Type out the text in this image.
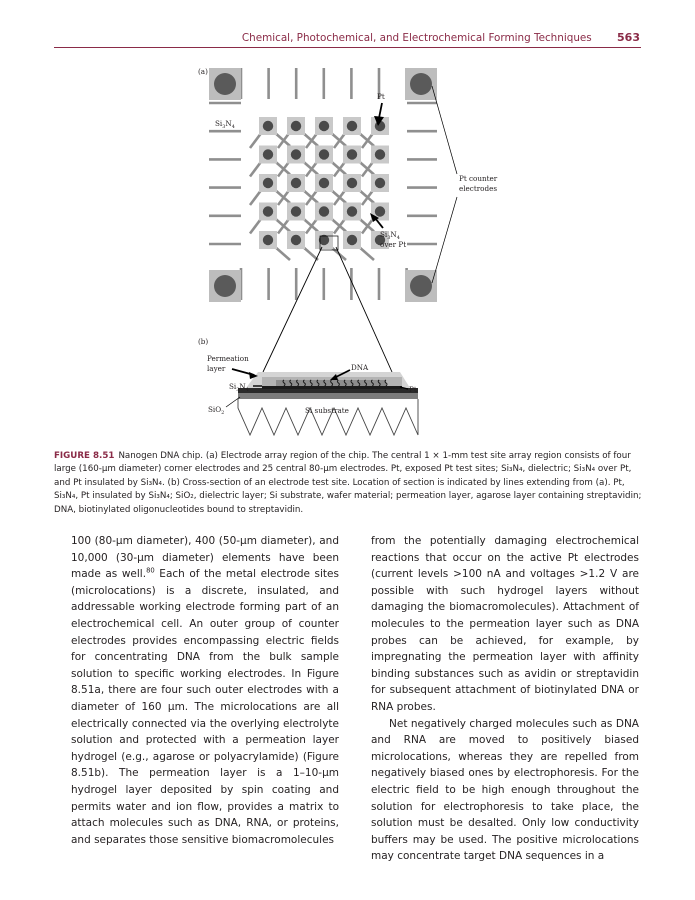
Chemical, Photochemical, and Electrochemical Forming Techniques 563
(a)
$Si_3N_4$
Pt
Pt counter
electrodes
$Si_3N_4$
over Pt
(b)
Permeation
layer	DNA
$Si_3N_4$	Pt
SiO$_2$	Si substrate
FIGURE 8.51 Nanogen DNA chip. (a) Electrode array region of the chip. The central 1 × 1-mm test site array region consists of four large (160-μm diameter) corner electrodes and 25 central 80-μm electrodes. Pt, exposed Pt test sites; Si₃N₄, dielectric; Si₃N₄ over Pt, and Pt insulated by Si₃N₄. (b) Cross-section of an electrode test site. Location of section is indicated by lines extending from (a). Pt, Si₃N₄, Pt insulated by Si₃N₄; SiO₂, dielectric layer; Si substrate, wafer material; permeation layer, agarose layer containing streptavidin; DNA, biotinylated oligonucleotides bound to streptavidin.

100 (80-μm diameter), 400 (50-μm diameter), and 10,000 (30-μm diameter) elements have been made as well.$^{80}$ Each of the metal electrode sites (microlocations) is a discrete, insulated, and addressable working electrode forming part of an electrochemical cell. An outer group of counter electrodes provides encompassing electric fields for concentrating DNA from the bulk sample solution to specific working electrodes. In Figure 8.51a, there are four such outer electrodes with a diameter of 160 μm. The microlocations are all electrically connected via the overlying electrolyte solution and protected with a permeation layer hydrogel (e.g., agarose or polyacrylamide) (Figure 8.51b). The permeation layer is a 1–10-μm hydrogel layer deposited by spin coating and permits water and ion flow, provides a matrix to attach molecules such as DNA, RNA, or proteins, and separates those sensitive biomacromolecules

from the potentially damaging electrochemical reactions that occur on the active Pt electrodes (current levels >100 nA and voltages >1.2 V are possible with such hydrogel layers without damaging the biomacromolecules). Attachment of molecules to the permeation layer such as DNA probes can be achieved, for example, by impregnating the permeation layer with affinity binding substances such as avidin or streptavidin for subsequent attachment of biotinylated DNA or RNA probes.

Net negatively charged molecules such as DNA and RNA are moved to positively biased microlocations, whereas they are repelled from negatively biased ones by electrophoresis. For the electric field to be high enough throughout the solution for electrophoresis to take place, the solution must be desalted. Only low conductivity buffers may be used. The positive microlocations may concentrate target DNA sequences in a
